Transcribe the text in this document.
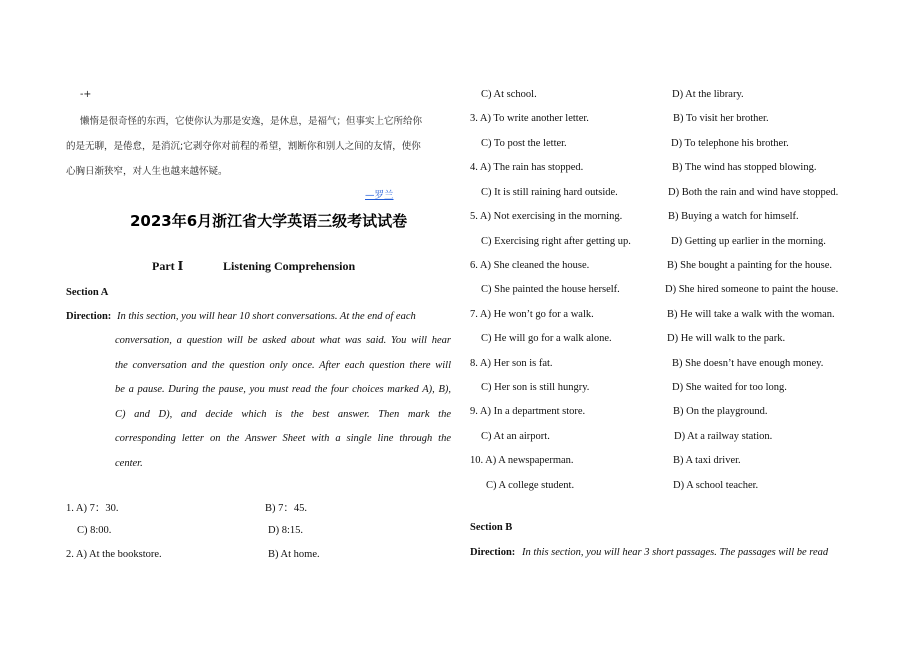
-+
懒惰是很奇怪的东西，它使你认为那是安逸，是休息，是福气；但事实上它所给你
的是无聊，是倦怠，是消沉;它剥夺你对前程的希望，割断你和别人之间的友情，使你
心胸日渐狭窄，对人生也越来越怀疑。
—罗兰
2023年6月浙江省大学英语三级考试试卷
Part Ⅰ	Listening Comprehension
Section A
Direction: In this section, you will hear 10 short conversations. At the end of each
conversation, a question will be asked about what was said. You will hear
the conversation and the question only once. After each question there will
be a pause. During the pause, you must read the four choices marked A), B),
C) and D), and decide which is the best answer. Then mark the
corresponding letter on the Answer Sheet with a single line through the
center.
1. A) 7：30.	B) 7：45.
C) 8:00.	D) 8:15.
2. A) At the bookstore.	B) At home.
C) At school.	D) At the library.
3. A) To write another letter.	B) To visit her brother.
C) To post the letter.	D) To telephone his brother.
4. A) The rain has stopped.	B) The wind has stopped blowing.
C) It is still raining hard outside.	D) Both the rain and wind have stopped.
5. A) Not exercising in the morning.	B) Buying a watch for himself.
C) Exercising right after getting up.	D) Getting up earlier in the morning.
6. A) She cleaned the house.	B) She bought a painting for the house.
C) She painted the house herself.	D) She hired someone to paint the house.
7. A) He won’t go for a walk.	B) He will take a walk with the woman.
C) He will go for a walk alone.	D) He will walk to the park.
8. A) Her son is fat.	B) She doesn’t have enough money.
C) Her son is still hungry.	D) She waited for too long.
9. A) In a department store.	B) On the playground.
C) At an airport.	D) At a railway station.
10. A) A newspaperman.	B) A taxi driver.
C) A college student.	D) A school teacher.
Section B
Direction: In this section, you will hear 3 short passages. The passages will be read
